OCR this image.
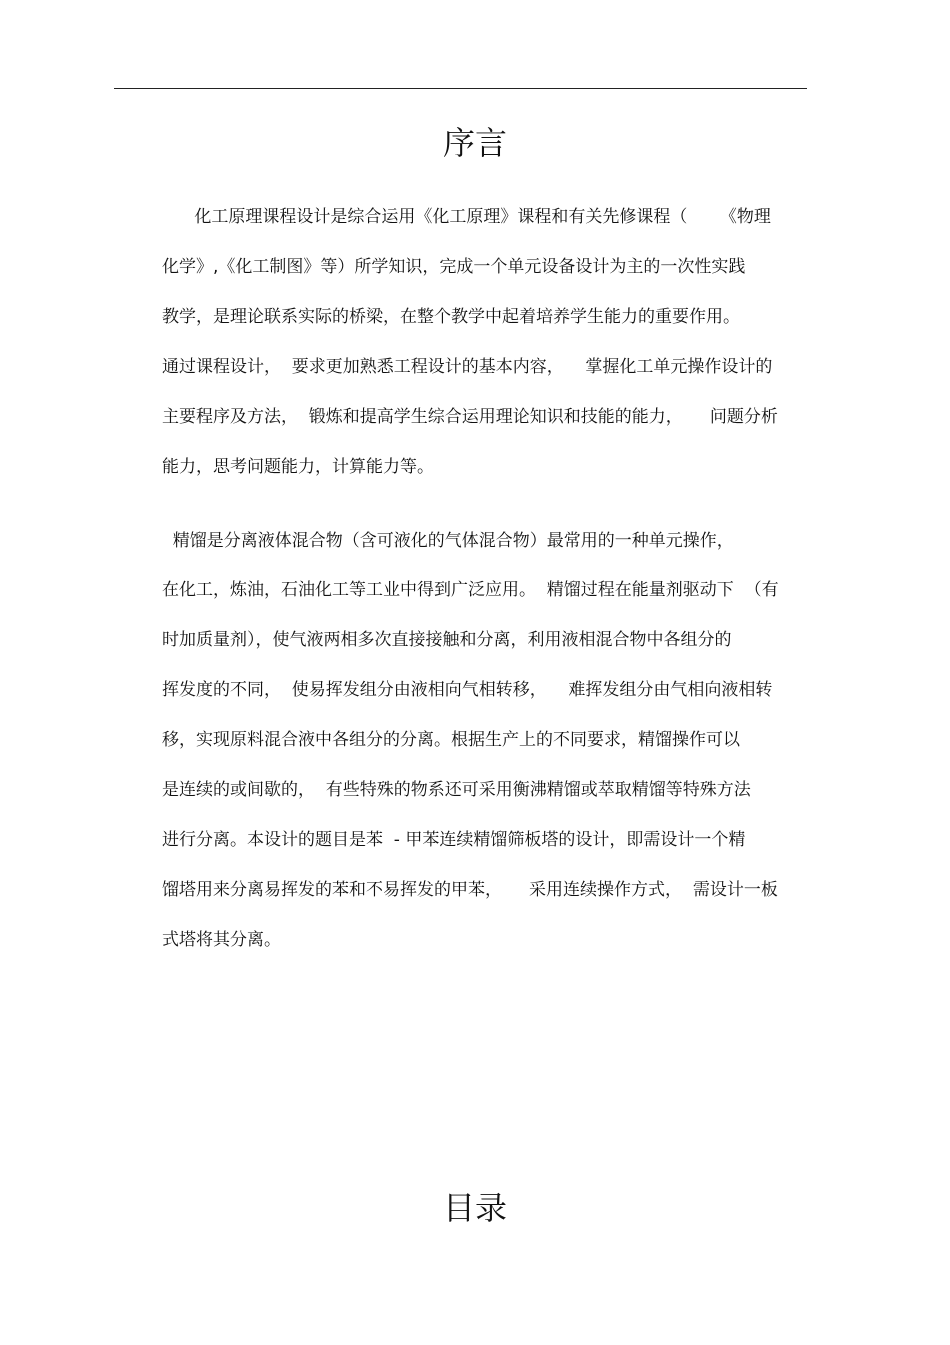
序言
化工原理课程设计是综合运用《化工原理》课程和有关先修课程（      《物理
化学》,《化工制图》等）所学知识，完成一个单元设备设计为主的一次性实践
教学，是理论联系实际的桥梁，在整个教学中起着培养学生能力的重要作用。
通过课程设计，  要求更加熟悉工程设计的基本内容，    掌握化工单元操作设计的
主要程序及方法，  锻炼和提高学生综合运用理论知识和技能的能力，     问题分析
能力，思考问题能力，计算能力等。
精馏是分离液体混合物（含可液化的气体混合物）最常用的一种单元操作，
在化工，炼油，石油化工等工业中得到广泛应用。  精馏过程在能量剂驱动下  （有
时加质量剂），使气液两相多次直接接触和分离，利用液相混合物中各组分的
挥发度的不同，  使易挥发组分由液相向气相转移，    难挥发组分由气相向液相转
移，实现原料混合液中各组分的分离。根据生产上的不同要求，精馏操作可以
是连续的或间歇的，  有些特殊的物系还可采用衡沸精馏或萃取精馏等特殊方法
进行分离。本设计的题目是苯  - 甲苯连续精馏筛板塔的设计，即需设计一个精
馏塔用来分离易挥发的苯和不易挥发的甲苯，     采用连续操作方式，  需设计一板
式塔将其分离。
目录
